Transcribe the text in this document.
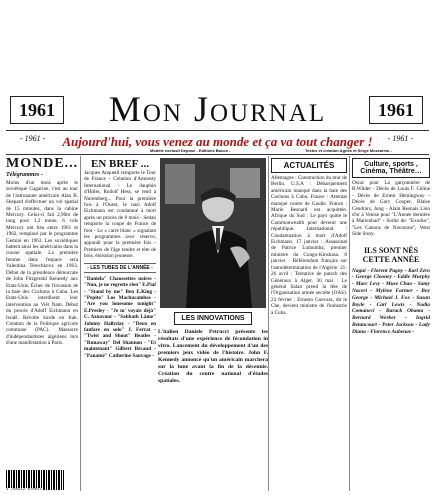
1961	1961
Mon Journal
- 1961 -	Aujourd'hui, vous venez au monde et ça va tout changer !	- 1961 -
Modèle exclusif Déposé - Editions Bacon -	Textes et création Agnès et Serge Mozzarino -
MONDE...
Télégrammes -
Moins d'un mois après le soviétique Gagarine, c'est au tour de l'astronaute américain Alan B. Shepard d'effectuer un vol spatial de 15 minutes, dans la cabine Mercury. Celui-ci fait 2,90m de long pour 1,2 tonne. 6 vols Mercury ont lieu entre 1961 et 1962, remplacé par le programme Gemini en 1963. Les soviétiques battent ainsi les américains dans la course spatiale. La première femme dans l'espace sera Valentina Terechkova en 1963. Début de la présidence démocrate de John Fitzgerald Kennedy aux Etats-Unis. Échec de l'invasion de la baie des Cochons à Cuba. Les Etats-Unis interdisent leur intervention au Viêt Nam. Début du procès d'Adolf Eichmann en Israël. Révolte kurde en Irak. Création de la Politique agricole commune (PAC). Massacre d'indépendantistes algériens lors d'une manifestation à Paris.
3 760212 670011
EN BREF ...
Jacques Anquetil remporte le Tour de France - Création d'Amnesty International - Le dauphin d'Hitler, Rudolf Hess, se rend à Nuremberg... Pour la première fois à l'Ouest, le nazi Adolf Eichmann est condamné à mort après un procès de 8 mois - Sedan remporte la coupe de France de foot - Le « carré blanc » signalant les programmes avec réserve, apparaît pour la première fois - Premiers de l'âge tendre et tête de bois, émission jeunesse.
- LES TUBES DE L'ANNÉE -
"Daniela" Chaussettes noires - "Non, je ne regrette rien" E.Piaf - "Stand by me" Ben E.King - "Pepito" Los Machucambos - "Are you lonesome tonight" E.Presley - "Je m' voyais déjà" C. Aznavour - "Sabbath Lâme" Johnny Hallyday - "Deux en fanfare en solo" J. Ferrat - "Twist and Shout" Beatles - "Runaway" Del Shannon - "Et maintenant" Gilbert Bécaud - "Panamé" Catherine Sauvage -
LES INNOVATIONS
L'italien Daniele Petrucci présente les résultats d'une expérience de fécondation in vitro. Lancement du développement d'un des premiers jeux vidéo de l'histoire. John F. Kennedy annonce qu'un américain marchera sur la lune avant la fin de la décennie. Création du centre national d'études spatiales.
ACTUALITÉS
Allemagne : Construction du mur de Berlin. U.S.A : Débarquement américain manqué dans la baie des Cochons à Cuba. France : Attentat manqué contre de Gaulle. France : Marie Besnard est acquittée. Afrique du Sud : Le pays quitte le Commonwealth pour devenir une république. International : Condamnation à mort d'Adolf Eichmann. 17 janvier : Assassinat de Patrice Lumumba, premier ministre du Congo-Kinshasa. 8 janvier : Référendum français sur l'autodétermination de l'Algérie. 21-26 avril : Tentative de putsch des Généraux à Alger. 30 mai : Le général Salan prend la tête de l'Organisation armée secrète (OAS). 23 février : Ernesto Guevara, dit le Che, devient ministre de l'industrie à Cuba.
Culture, sports , Cinéma, Théâtre…
Oscar pour La garçonnière de B.Wilder - Décès de Louis F. Céline - Décès de Ernest Hemingway - Décès de Gary Cooper, Blaise Cendrars, Jung - Alain Resnais Lion d'or à Venise pour "L'Année dernière à Marienbad" - Sortie de: "Exodus", "Les Canons de Navarone", West Side Story.
ILS SONT NÉS CETTE ANNÉE
Naguï - Florent Pagny - Karl Zéro - George Clooney - Eddie Murphy - Marc Levy - Muse Chao - Samy Naceri - Mylène Farmer - Boy George - Michael J. Fox - Susan Boyle - Carl Lewis - Nadia Comaneci - Barack Obama - Bernard Werber - Ingrid Betancourt - Peter Jackson - Lady Diana - Florence Aubenas -
